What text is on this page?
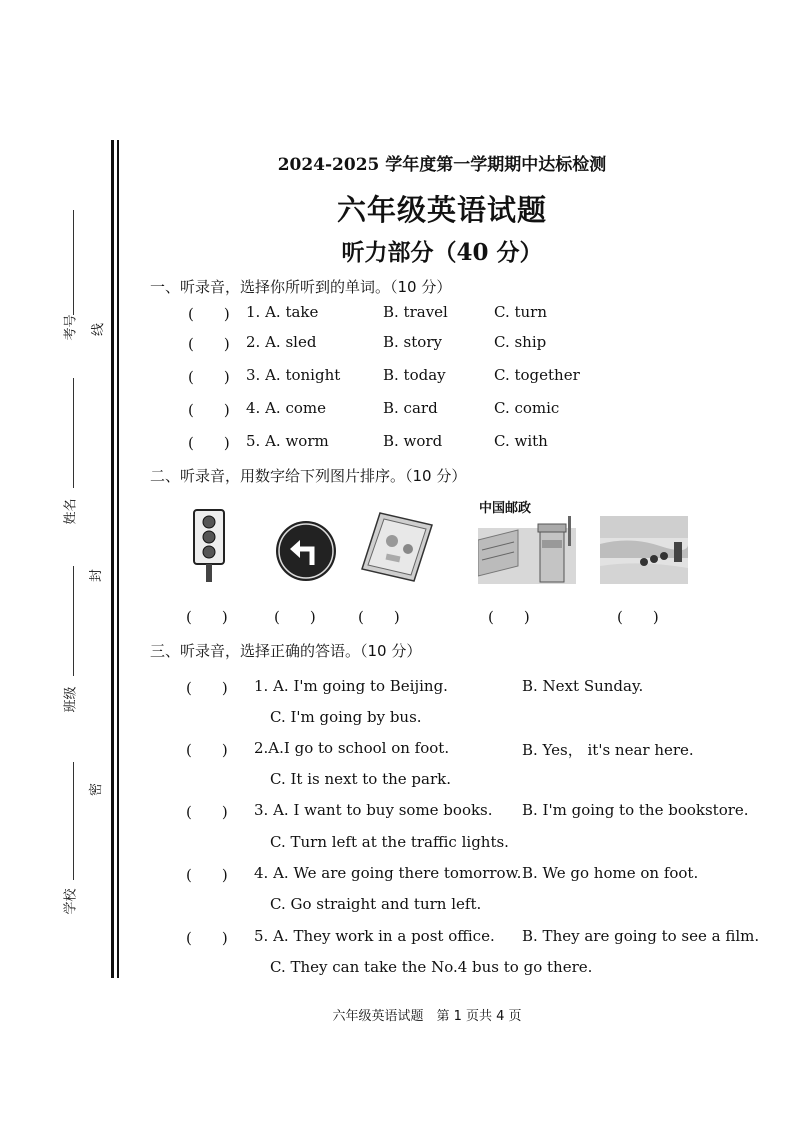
考号 线
姓名
封
班级
密
学校
2024-2025 学年度第一学期期中达标检测
六年级英语试题
听力部分（40 分）
一、听录音，选择你所听到的单词。（10 分）
(　　) 1. A. take	B. travel	C. turn
(　　) 2. A. sled	B. story	C. ship
(　　) 3. A. tonight	B. today	C. together
(　　) 4. A. come	B. card	C. comic
(　　) 5. A. worm	B. word	C. with
二、听录音，用数字给下列图片排序。（10 分）
中国邮政
(　　)	(　　)	(　　)	(　　)	(　　)
三、听录音，选择正确的答语。（10 分）
(　　) 1. A. I'm going to Beijing.	B. Next Sunday.
C. I'm going by bus.
(　　) 2.A.I go to school on foot.	B. Yes， it's near here.
C. It is next to the park.
(　　) 3. A. I want to buy some books. B. I'm going to the bookstore.
C. Turn left at the traffic lights.
(　　) 4. A. We are going there tomorrow. B. We go home on foot.
C. Go straight and turn left.
(　　) 5. A. They work in a post office. B. They are going to see a film.
C. They can take the No.4 bus to go there.
六年级英语试题　第 1 页共 4 页
